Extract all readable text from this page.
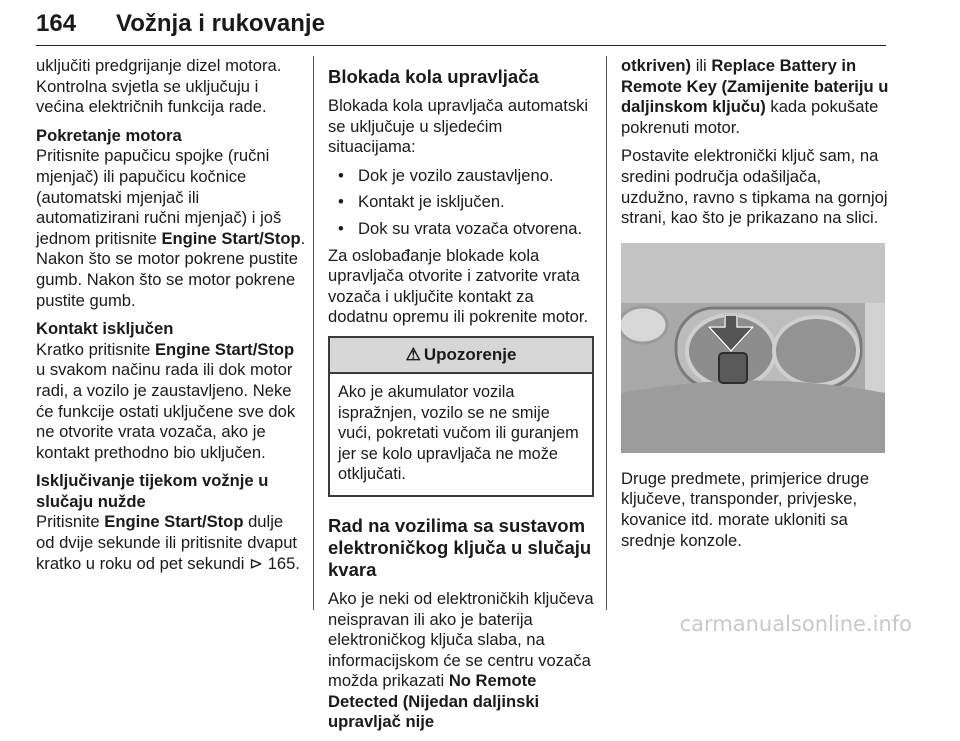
164 Vožnja i rukovanje

uključiti predgrijanje dizel motora. Kontrolna svjetla se uključuju i većina električnih funkcija rade.

Pokretanje motora
Pritisnite papučicu spojke (ručni mjenjač) ili papučicu kočnice (automatski mjenjač ili automatizirani ručni mjenjač) i još jednom pritisnite Engine Start/Stop. Nakon što se motor pokrene pustite gumb. Nakon što se motor pokrene pustite gumb.

Kontakt isključen
Kratko pritisnite Engine Start/Stop u svakom načinu rada ili dok motor radi, a vozilo je zaustavljeno. Neke će funkcije ostati uključene sve dok ne otvorite vrata vozača, ako je kontakt prethodno bio uključen.

Isključivanje tijekom vožnje u slučaju nužde
Pritisnite Engine Start/Stop dulje od dvije sekunde ili pritisnite dvaput kratko u roku od pet sekundi ⊳ 165.

Blokada kola upravljača

Blokada kola upravljača automatski se uključuje u sljedećim situacijama:

• Dok je vozilo zaustavljeno.
• Kontakt je isključen.
• Dok su vrata vozača otvorena.

Za oslobađanje blokade kola upravljača otvorite i zatvorite vrata vozača i uključite kontakt za dodatnu opremu ili pokrenite motor.

⚠ Upozorenje
Ako je akumulator vozila ispražnjen, vozilo se ne smije vući, pokretati vučom ili guranjem jer se kolo upravljača ne može otključati.
Rad na vozilima sa sustavom elektroničkog ključa u slučaju kvara

Ako je neki od elektroničkih ključeva neispravan ili ako je baterija elektroničkog ključa slaba, na informacijskom će se centru vozača možda prikazati No Remote Detected (Nijedan daljinski upravljač nije

otkriven) ili Replace Battery in Remote Key (Zamijenite bateriju u daljinskom ključu) kada pokušate pokrenuti motor.

Postavite elektronički ključ sam, na sredini područja odašiljača, uzdužno, ravno s tipkama na gornjoj strani, kao što je prikazano na slici.

Druge predmete, primjerice druge ključeve, transponder, privjeske, kovanice itd. morate ukloniti sa srednje konzole.

carmanualsonline.info
